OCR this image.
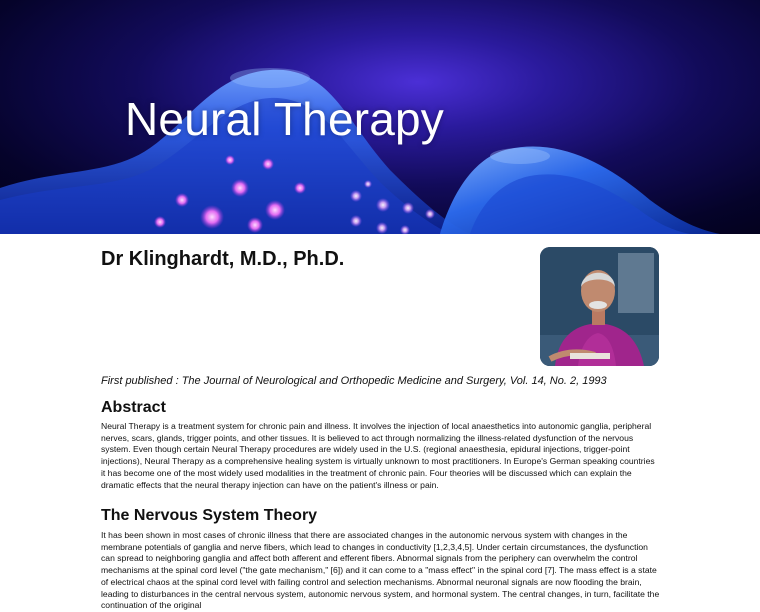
Neural Therapy
Dr Klinghardt, M.D., Ph.D.

First published : The Journal of Neurological and Orthopedic Medicine and Surgery, Vol. 14, No. 2, 1993

Abstract

Neural Therapy is a treatment system for chronic pain and illness. It involves the injection of local anaesthetics into autonomic ganglia, peripheral nerves, scars, glands, trigger points, and other tissues. It is believed to act through normalizing the illness-related dysfunction of the nervous system. Even though certain Neural Therapy procedures are widely used in the U.S. (regional anaesthesia, epidural injections, trigger-point injections), Neural Therapy as a comprehensive healing system is virtually unknown to most practitioners. In Europe's German speaking countries it has become one of the most widely used modalities in the treatment of chronic pain. Four theories will be discussed which can explain the dramatic effects that the neural therapy injection can have on the patient's illness or pain.

The Nervous System Theory

It has been shown in most cases of chronic illness that there are associated changes in the autonomic nervous system with changes in the membrane potentials of ganglia and nerve fibers, which lead to changes in conductivity [1,2,3,4,5]. Under certain circumstances, the dysfunction can spread to neighboring ganglia and affect both afferent and efferent fibers. Abnormal signals from the periphery can overwhelm the control mechanisms at the spinal cord level ("the gate mechanism," [6]) and it can come to a "mass effect" in the spinal cord [7]. The mass effect is a state of electrical chaos at the spinal cord level with failing control and selection mechanisms. Abnormal neuronal signals are now flooding the brain, leading to disturbances in the central nervous system, autonomic nervous system, and hormonal system. The central changes, in turn, facilitate the continuation of the original
